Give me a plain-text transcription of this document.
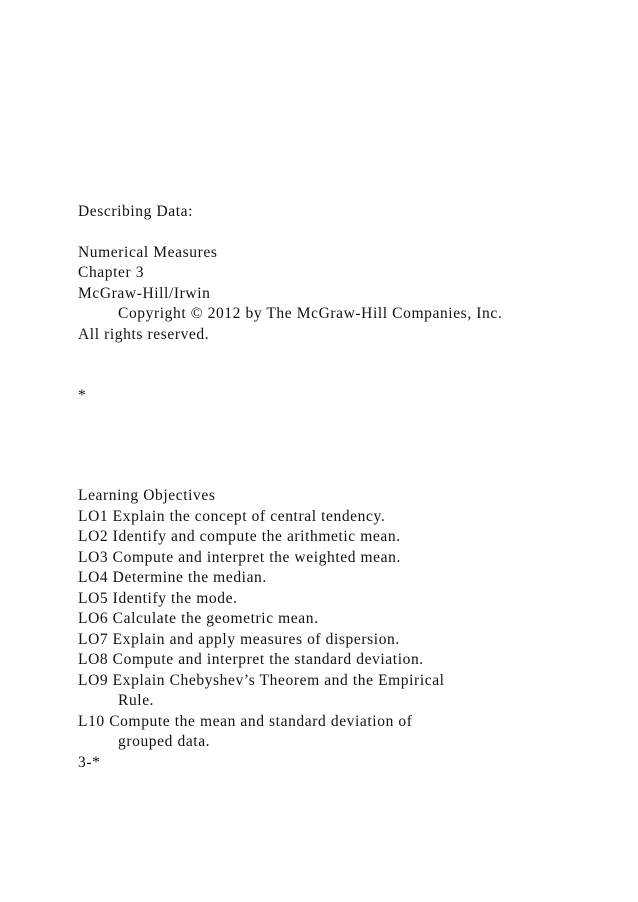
Describing Data:
Numerical Measures
Chapter 3
McGraw-Hill/Irwin
Copyright © 2012 by The McGraw-Hill Companies, Inc.
All rights reserved.
*
Learning Objectives
LO1 Explain the concept of central tendency.
LO2 Identify and compute the arithmetic mean.
LO3 Compute and interpret the weighted mean.
LO4 Determine the median.
LO5 Identify the mode.
LO6 Calculate the geometric mean.
LO7 Explain and apply measures of dispersion.
LO8 Compute and interpret the standard deviation.
LO9 Explain Chebyshev’s Theorem and the Empirical
Rule.
L10 Compute the mean and standard deviation of
grouped data.
3-*
